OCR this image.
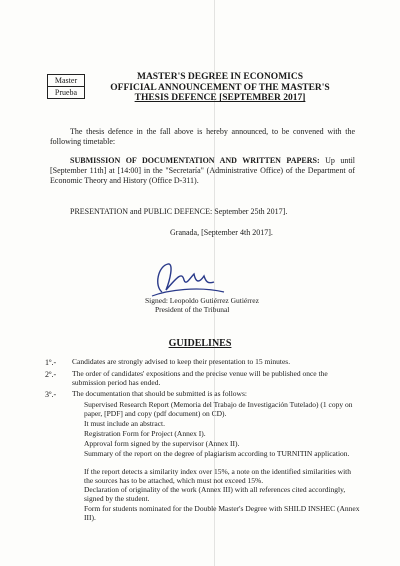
Master
Prueba
MASTER'S DEGREE IN ECONOMICS
OFFICIAL ANNOUNCEMENT OF THE MASTER'S
THESIS DEFENCE [SEPTEMBER 2017]

The thesis defence in the fall above is hereby announced, to be convened with the following timetable:

SUBMISSION OF DOCUMENTATION AND WRITTEN PAPERS: Up until [September 11th] at [14:00] in the "Secretaría" (Administrative Office) of the Department of Economic Theory and History (Office D-311).

PRESENTATION and PUBLIC DEFENCE: September 25th 2017].

Granada, [September 4th 2017].

Signed: Leopoldo Gutiérrez Gutiérrez

President of the Tribunal
GUIDELINES
1º.- Candidates are strongly advised to keep their presentation to 15 minutes.

2º.- The order of candidates' expositions and the precise venue will be published once the submission period has ended.

3º.- The documentation that should be submitted is as follows:

Supervised Research Report (Memoria del Trabajo de Investigación Tutelado) (1 copy on paper, [PDF] and copy (pdf document) on CD).

It must include an abstract.

Registration Form for Project (Annex I).

Approval form signed by the supervisor (Annex II).

Summary of the report on the degree of plagiarism according to TURNITIN application.

If the report detects a similarity index over 15%, a note on the identified similarities with the sources has to be attached, which must not exceed 15%.

Declaration of originality of the work (Annex III) with all references cited accordingly, signed by the student.

Form for students nominated for the Double Master's Degree with SHILD INSHEC (Annex III).
